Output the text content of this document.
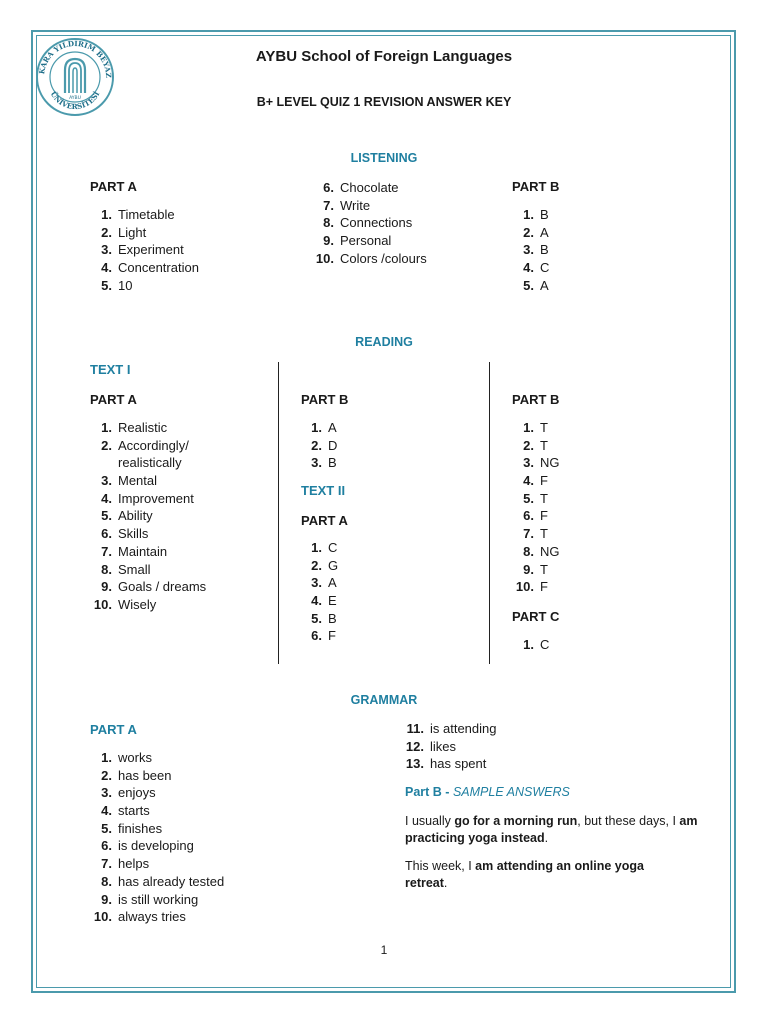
KARA YILDIRIM BEYAZ
ÜNİVERSİTESİ
AYBU
AYBU School of Foreign Languages
B+ LEVEL QUIZ 1 REVISION ANSWER KEY
LISTENING
PART A
1. Timetable
2. Light
3. Experiment
4. Concentration
5. 10
6. Chocolate
7. Write
8. Connections
9. Personal
10. Colors /colours
PART B
1. B
2. A
3. B
4. C
5. A
READING
TEXT I
PART A
1. Realistic
2. Accordingly/
realistically
3. Mental
4. Improvement
5. Ability
6. Skills
7. Maintain
8. Small
9. Goals / dreams
10. Wisely
PART B
1. A
2. D
3. B
TEXT II
PART A
1. C
2. G
3. A
4. E
5. B
6. F
PART B
1. T
2. T
3. NG
4. F
5. T
6. F
7. T
8. NG
9. T
10. F
PART C
1. C
GRAMMAR
PART A
1. works
2. has been
3. enjoys
4. starts
5. finishes
6. is developing
7. helps
8. has already tested
9. is still working
10. always tries
11. is attending
12. likes
13. has spent
Part B - SAMPLE ANSWERS
I usually go for a morning run, but these days, I am practicing yoga instead.
This week, I am attending an online yoga retreat.
1
